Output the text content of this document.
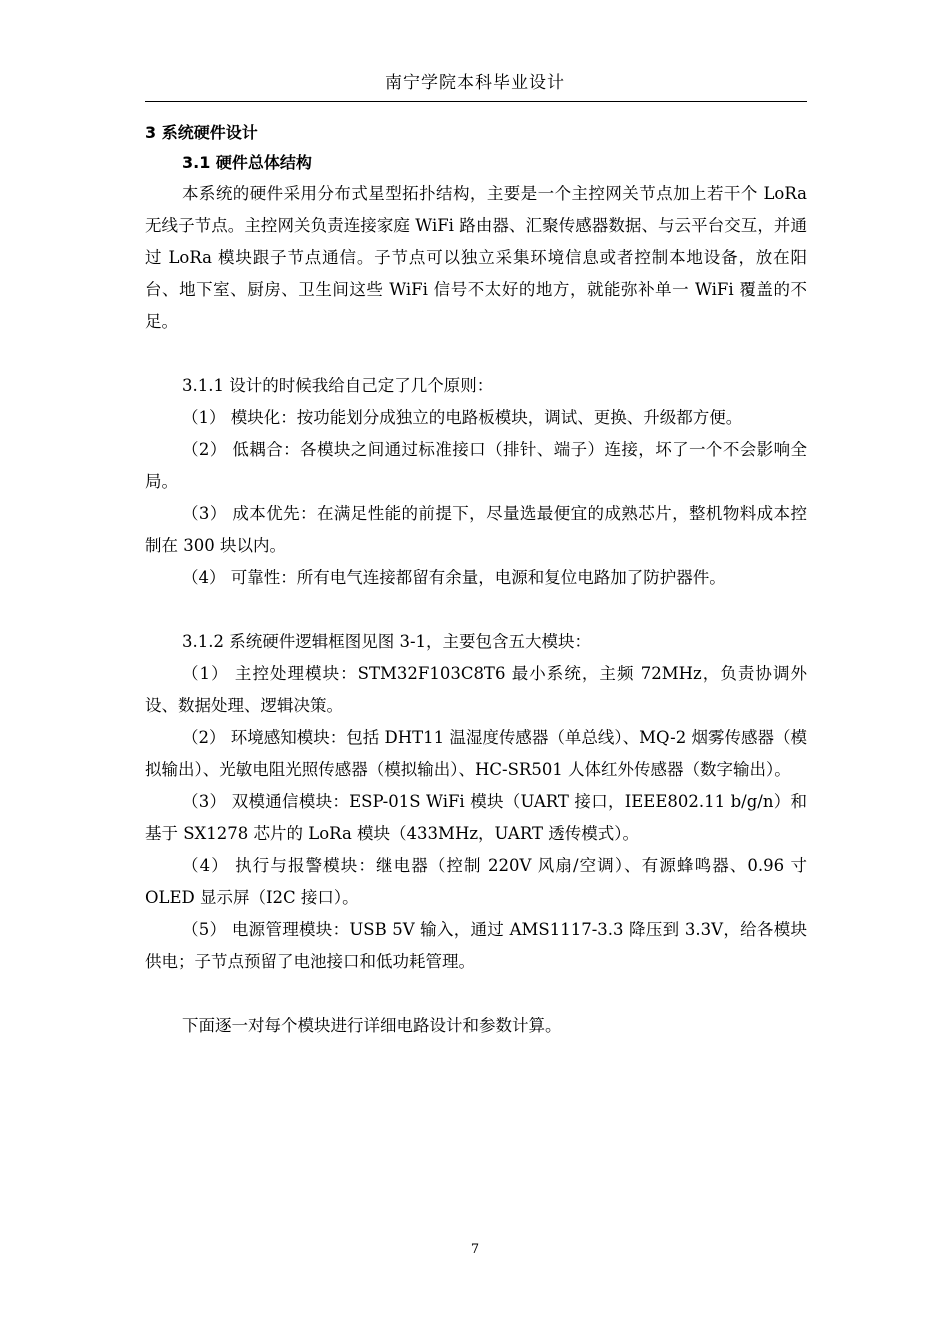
南宁学院本科毕业设计
3 系统硬件设计
3.1 硬件总体结构

本系统的硬件采用分布式星型拓扑结构，主要是一个主控网关节点加上若干个 LoRa 无线子节点。主控网关负责连接家庭 WiFi 路由器、汇聚传感器数据、与云平台交互，并通过 LoRa 模块跟子节点通信。子节点可以独立采集环境信息或者控制本地设备，放在阳台、地下室、厨房、卫生间这些 WiFi 信号不太好的地方，就能弥补单一 WiFi 覆盖的不足。

3.1.1 设计的时候我给自己定了几个原则：

（1） 模块化：按功能划分成独立的电路板模块，调试、更换、升级都方便。

（2） 低耦合：各模块之间通过标准接口（排针、端子）连接，坏了一个不会影响全局。

（3） 成本优先：在满足性能的前提下，尽量选最便宜的成熟芯片，整机物料成本控制在 300 块以内。

（4） 可靠性：所有电气连接都留有余量，电源和复位电路加了防护器件。

3.1.2 系统硬件逻辑框图见图 3-1，主要包含五大模块：

（1） 主控处理模块：STM32F103C8T6 最小系统，主频 72MHz，负责协调外设、数据处理、逻辑决策。

（2） 环境感知模块：包括 DHT11 温湿度传感器（单总线）、MQ-2 烟雾传感器（模拟输出）、光敏电阻光照传感器（模拟输出）、HC-SR501 人体红外传感器（数字输出）。

（3） 双模通信模块：ESP-01S WiFi 模块（UART 接口，IEEE802.11 b/g/n）和基于 SX1278 芯片的 LoRa 模块（433MHz，UART 透传模式）。

（4） 执行与报警模块：继电器（控制 220V 风扇/空调）、有源蜂鸣器、0.96 寸 OLED 显示屏（I2C 接口）。

（5） 电源管理模块：USB 5V 输入，通过 AMS1117-3.3 降压到 3.3V，给各模块供电；子节点预留了电池接口和低功耗管理。

下面逐一对每个模块进行详细电路设计和参数计算。

7
